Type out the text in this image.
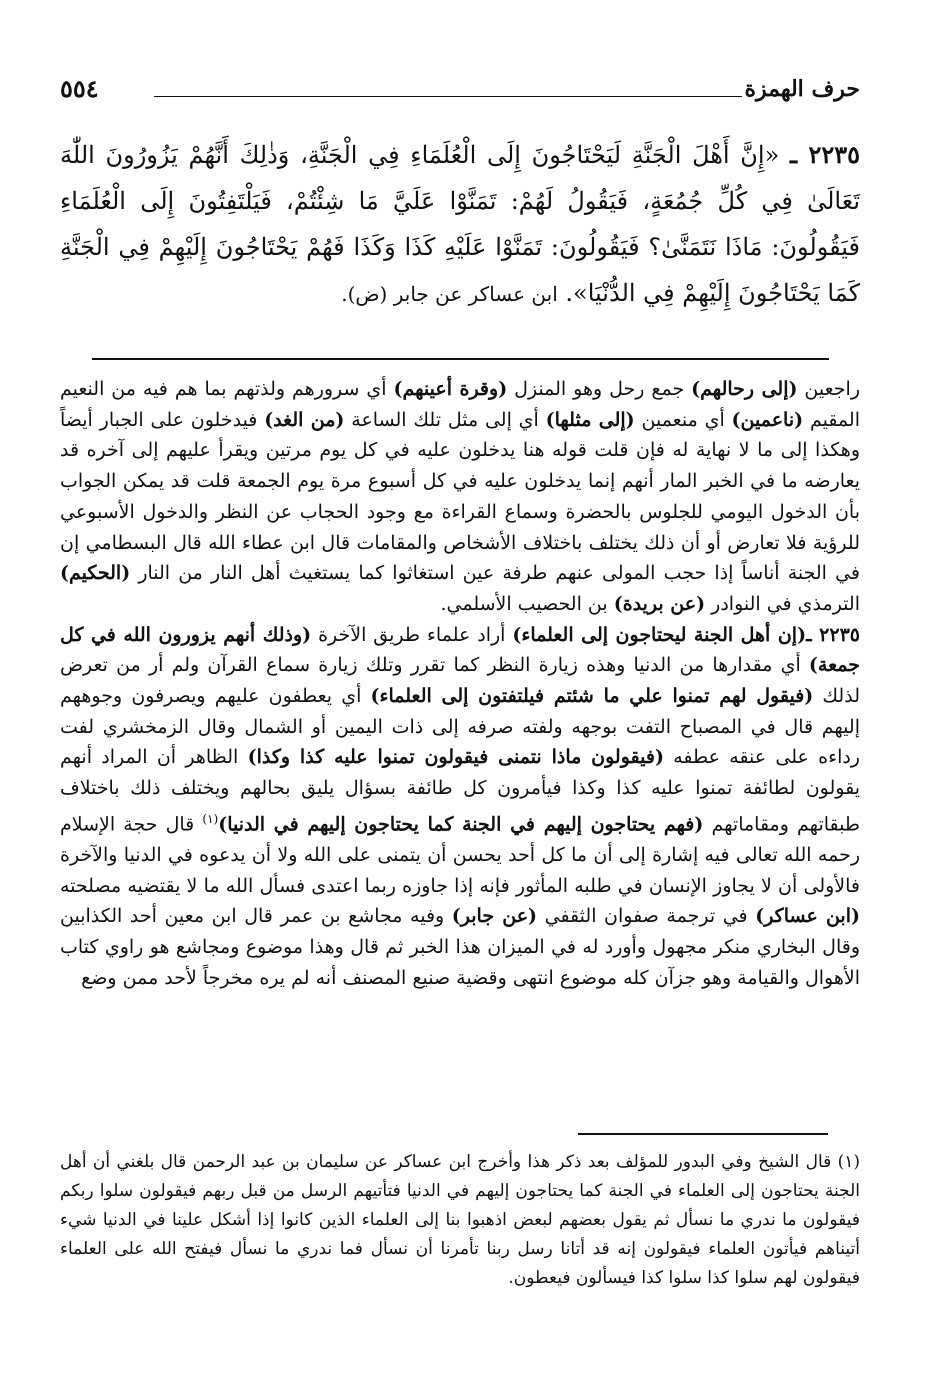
حرف الهمزة
٥٥٤
٢٢٣٥ ـ «إِنَّ أَهْلَ الْجَنَّةِ لَيَحْتَاجُونَ إِلَى الْعُلَمَاءِ فِي الْجَنَّةِ، وَذٰلِكَ أَنَّهُمْ يَزُورُونَ اللّٰهَ تَعَالَىٰ فِي كُلِّ جُمُعَةٍ، فَيَقُولُ لَهُمْ: تَمَنَّوْا عَلَيَّ مَا شِئْتُمْ، فَيَلْتَفِتُونَ إِلَى الْعُلَمَاءِ فَيَقُولُونَ: مَاذَا نَتَمَنَّىٰ؟ فَيَقُولُونَ: تَمَنَّوْا عَلَيْهِ كَذَا وَكَذَا فَهُمْ يَحْتَاجُونَ إِلَيْهِمْ فِي الْجَنَّةِ كَمَا يَحْتَاجُونَ إِلَيْهِمْ فِي الدُّنْيَا». ابن عساكر عن جابر (ض).

راجعين (إلى رحالهم) جمع رحل وهو المنزل (وقرة أعينهم) أي سرورهم ولذتهم بما هم فيه من النعيم المقيم (ناعمين) أي منعمين (إلى مثلها) أي إلى مثل تلك الساعة (من الغد) فيدخلون على الجبار أيضاً وهكذا إلى ما لا نهاية له فإن قلت قوله هنا يدخلون عليه في كل يوم مرتين ويقرأ عليهم إلى آخره قد يعارضه ما في الخبر المار أنهم إنما يدخلون عليه في كل أسبوع مرة يوم الجمعة قلت قد يمكن الجواب بأن الدخول اليومي للجلوس بالحضرة وسماع القراءة مع وجود الحجاب عن النظر والدخول الأسبوعي للرؤية فلا تعارض أو أن ذلك يختلف باختلاف الأشخاص والمقامات قال ابن عطاء الله قال البسطامي إن في الجنة أناساً إذا حجب المولى عنهم طرفة عين استغاثوا كما يستغيث أهل النار من النار (الحكيم) الترمذي في النوادر (عن بريدة) بن الحصيب الأسلمي.

٢٢٣٥ ـ(إن أهل الجنة ليحتاجون إلى العلماء) أراد علماء طريق الآخرة (وذلك أنهم يزورون الله في كل جمعة) أي مقدارها من الدنيا وهذه زيارة النظر كما تقرر وتلك زيارة سماع القرآن ولم أر من تعرض لذلك (فيقول لهم تمنوا علي ما شئتم فيلتفتون إلى العلماء) أي يعطفون عليهم ويصرفون وجوههم إليهم قال في المصباح التفت بوجهه ولفته صرفه إلى ذات اليمين أو الشمال وقال الزمخشري لفت رداءه على عنقه عطفه (فيقولون ماذا نتمنى فيقولون تمنوا عليه كذا وكذا) الظاهر أن المراد أنهم يقولون لطائفة تمنوا عليه كذا وكذا فيأمرون كل طائفة بسؤال يليق بحالهم ويختلف ذلك باختلاف طبقاتهم ومقاماتهم (فهم يحتاجون إليهم في الجنة كما يحتاجون إليهم في الدنيا)$^{(١)}$ قال حجة الإسلام رحمه الله تعالى فيه إشارة إلى أن ما كل أحد يحسن أن يتمنى على الله ولا أن يدعوه في الدنيا والآخرة فالأولى أن لا يجاوز الإنسان في طلبه المأثور فإنه إذا جاوزه ربما اعتدى فسأل الله ما لا يقتضيه مصلحته (ابن عساكر) في ترجمة صفوان الثقفي (عن جابر) وفيه مجاشع بن عمر قال ابن معين أحد الكذابين وقال البخاري منكر مجهول وأورد له في الميزان هذا الخبر ثم قال وهذا موضوع ومجاشع هو راوي كتاب الأهوال والقيامة وهو جزآن كله موضوع انتهى وقضية صنيع المصنف أنه لم يره مخرجاً لأحد ممن وضع

(١) قال الشيخ وفي البدور للمؤلف بعد ذكر هذا وأخرج ابن عساكر عن سليمان بن عبد الرحمن قال بلغني أن أهل الجنة يحتاجون إلى العلماء في الجنة كما يحتاجون إليهم في الدنيا فتأتيهم الرسل من قبل ربهم فيقولون سلوا ربكم فيقولون ما ندري ما نسأل ثم يقول بعضهم لبعض اذهبوا بنا إلى العلماء الذين كانوا إذا أشكل علينا في الدنيا شيء أتيناهم فيأتون العلماء فيقولون إنه قد أتانا رسل ربنا تأمرنا أن نسأل فما ندري ما نسأل فيفتح الله على العلماء فيقولون لهم سلوا كذا سلوا كذا فيسألون فيعطون.
